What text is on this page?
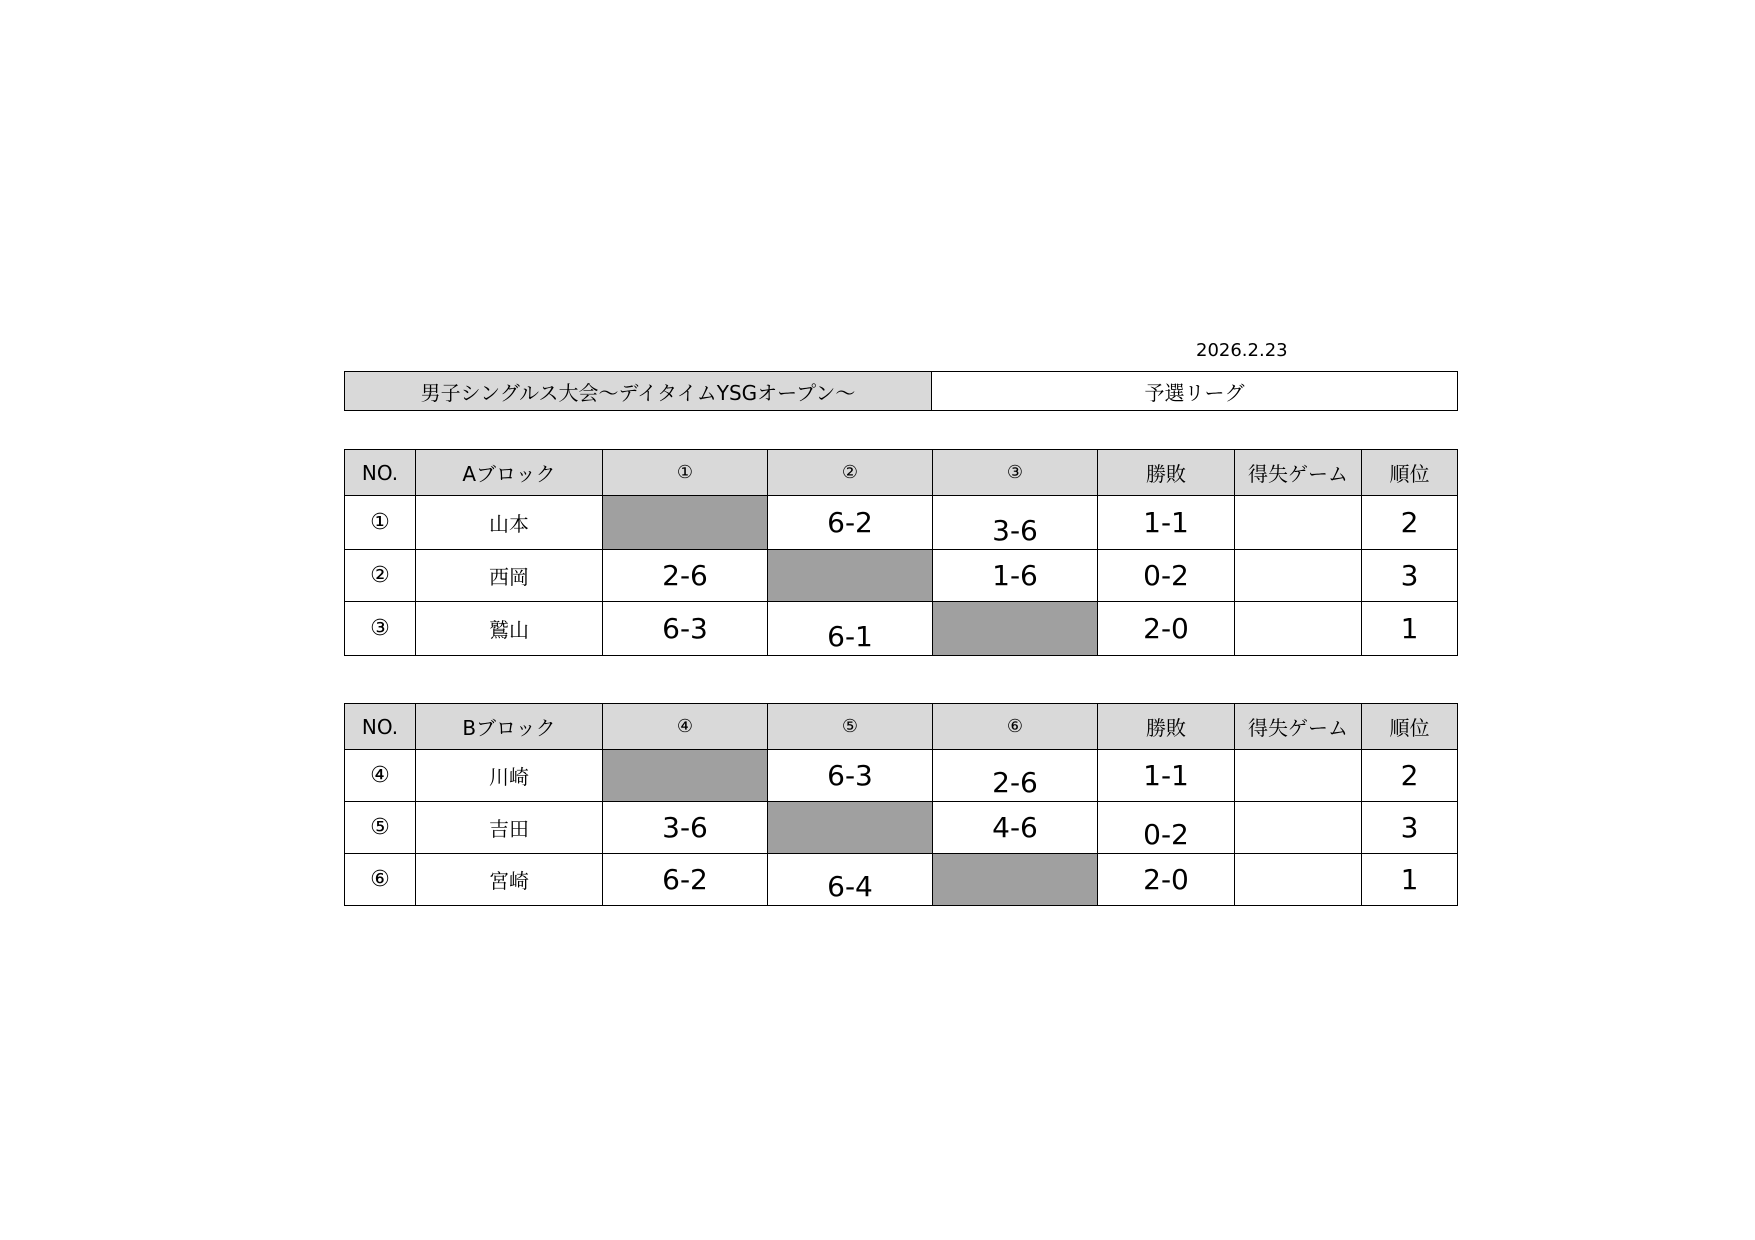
2026.2.23
男子シングルス大会～デイタイムYSGオープン～	予選リーグ
NO.	Aブロック	①	②	③	勝敗	得失ゲーム	順位
①	山本		6-2	3-6	1-1		2
②	西岡	2-6		1-6	0-2		3
③	鷲山	6-3	6-1		2-0		1
NO.	Bブロック	④	⑤	⑥	勝敗	得失ゲーム	順位
④	川崎		6-3	2-6	1-1		2
⑤	吉田	3-6		4-6	0-2		3
⑥	宮崎	6-2	6-4		2-0		1
